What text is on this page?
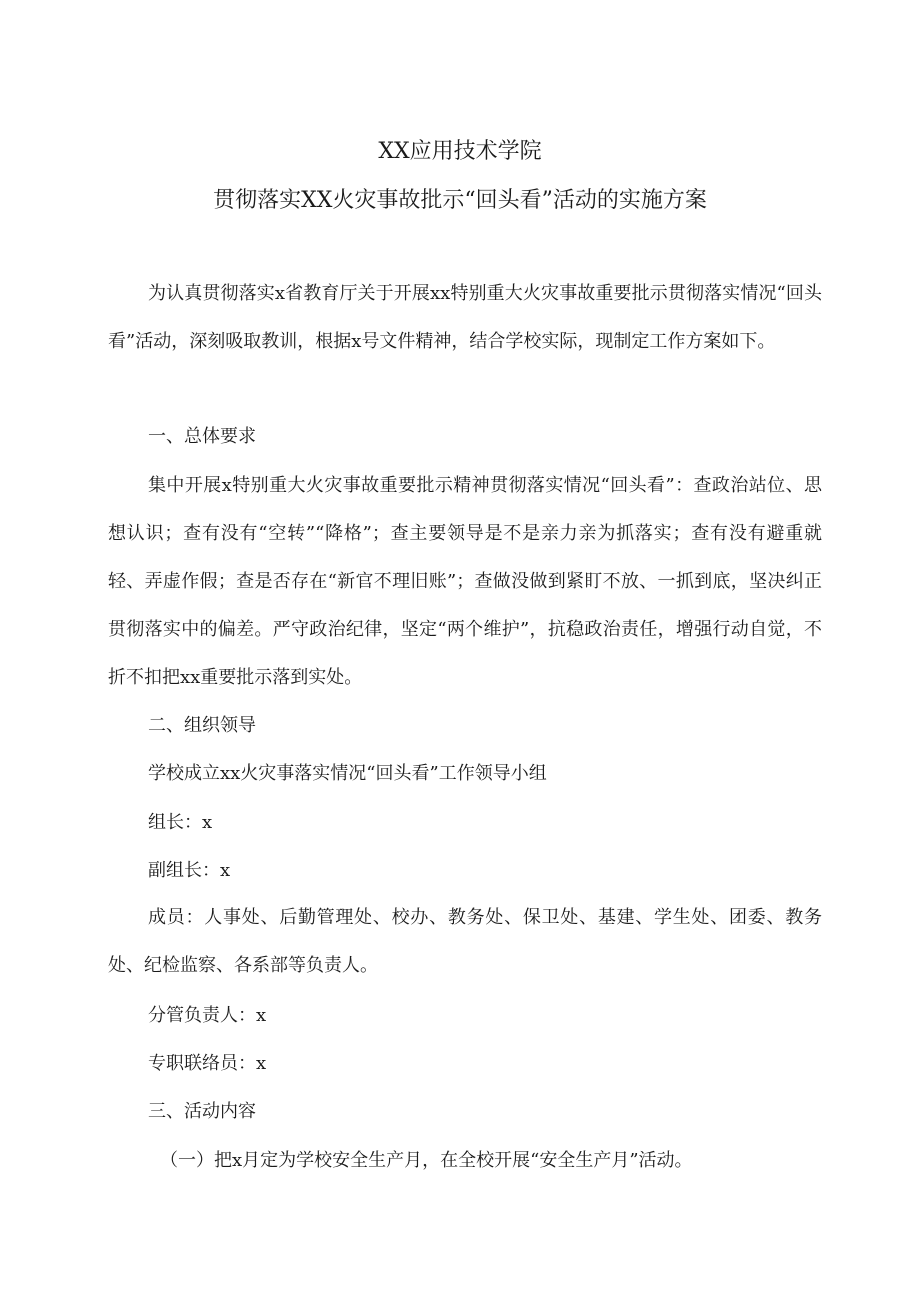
XX应用技术学院
贯彻落实XX火灾事故批示“回头看”活动的实施方案

为认真贯彻落实x省教育厅关于开展xx特别重大火灾事故重要批示贯彻落实情况“回头看”活动，深刻吸取教训，根据x号文件精神，结合学校实际，现制定工作方案如下。

一、总体要求

集中开展x特别重大火灾事故重要批示精神贯彻落实情况“回头看”：查政治站位、思想认识；查有没有“空转”“降格”；查主要领导是不是亲力亲为抓落实；查有没有避重就轻、弄虚作假；查是否存在“新官不理旧账”；查做没做到紧盯不放、一抓到底，坚决纠正贯彻落实中的偏差。严守政治纪律，坚定“两个维护”，抗稳政治责任，增强行动自觉，不折不扣把xx重要批示落到实处。

二、组织领导
学校成立xx火灾事落实情况“回头看”工作领导小组
组长：x
副组长：x

成员：人事处、后勤管理处、校办、教务处、保卫处、基建、学生处、团委、教务处、纪检监察、各系部等负责人。

分管负责人：x
专职联络员：x
三、活动内容
（一）把x月定为学校安全生产月，在全校开展“安全生产月”活动。
